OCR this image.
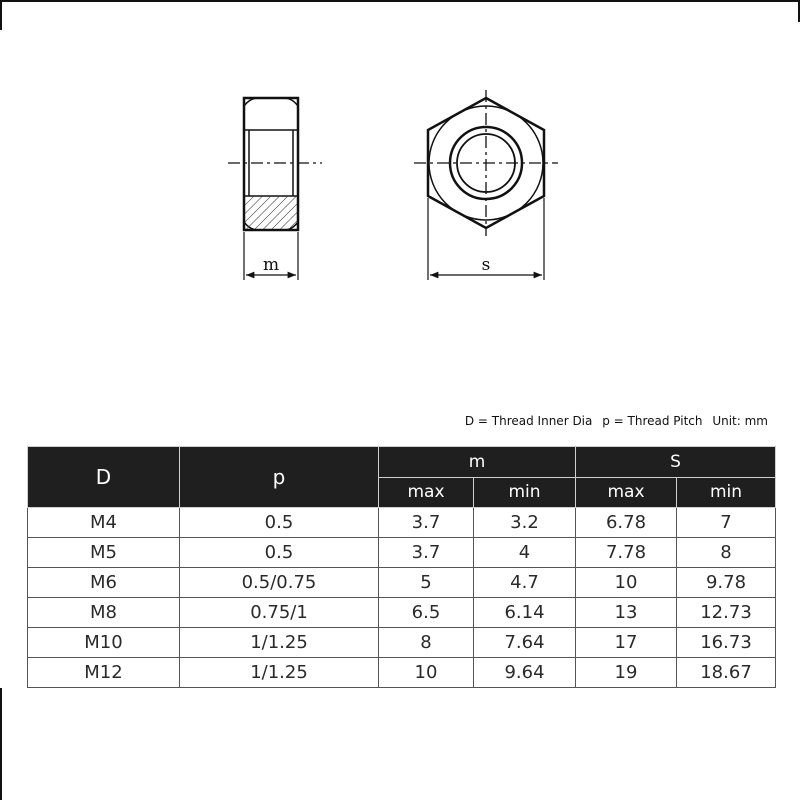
m	s
D = Thread Inner Dia p = Thread Pitch Unit: mm
D	p	m		S	
		max	min	max	min
M4	0.5	3.7	3.2	6.78	7
M5	0.5	3.7	4	7.78	8
M6	0.5/0.75	5	4.7	10	9.78
M8	0.75/1	6.5	6.14	13	12.73
M10	1/1.25	8	7.64	17	16.73
M12	1/1.25	10	9.64	19	18.67
